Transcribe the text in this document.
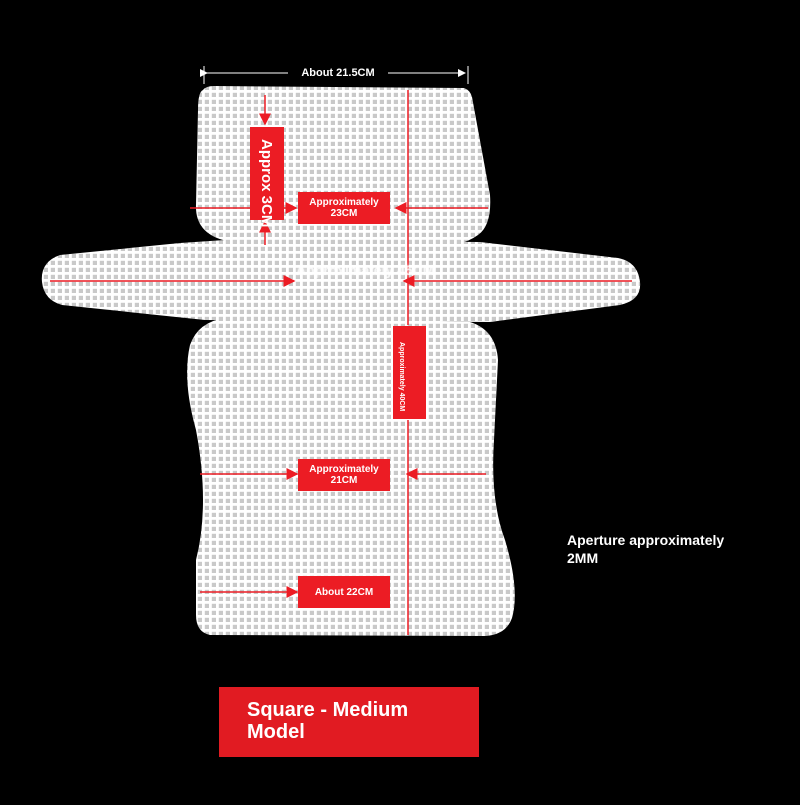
About 21.5CM
Approx 3CM	Approximately 23CM
Approximately 45CM
Approximately 40CM
Approximately 21CM
About 22CM
Aperture approximately 2MM
Square - Medium Model
